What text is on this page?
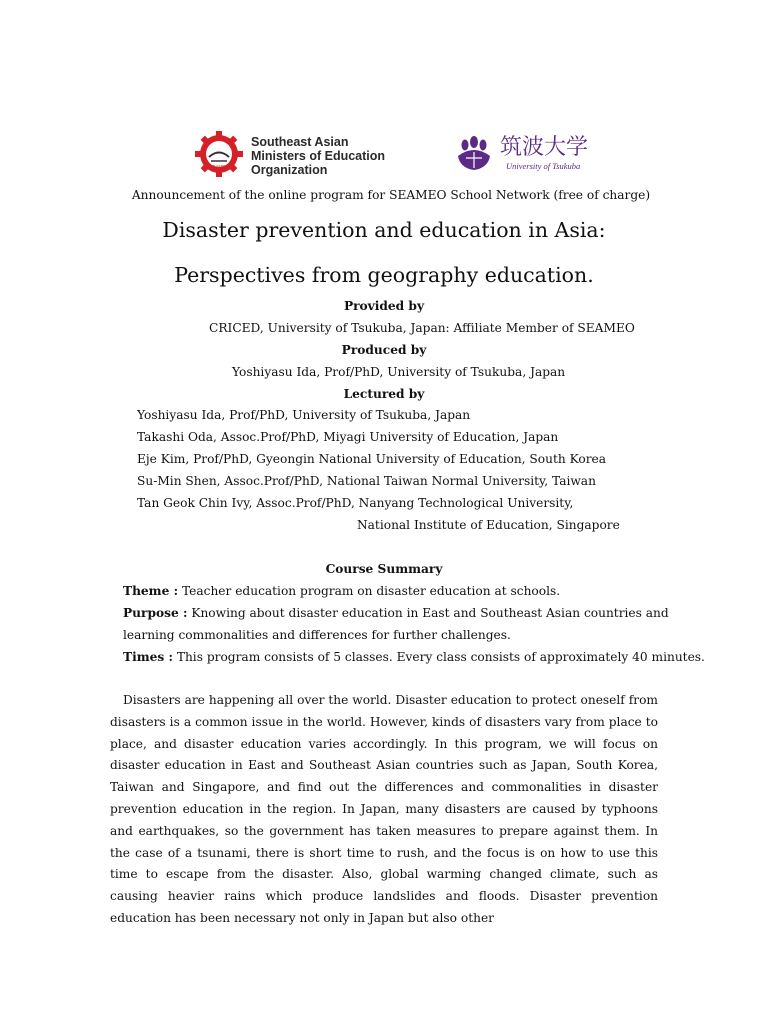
SEAMEO
Southeast Asian
Ministers of Education
Organization
筑波大学
University of Tsukuba
Announcement of the online program for SEAMEO School Network (free of charge)
Disaster prevention and education in Asia:
Perspectives from geography education.
Provided by
CRICED, University of Tsukuba, Japan: Affiliate Member of SEAMEO
Produced by
Yoshiyasu Ida, Prof/PhD, University of Tsukuba, Japan
Lectured by
Yoshiyasu Ida, Prof/PhD, University of Tsukuba, Japan
Takashi Oda, Assoc.Prof/PhD, Miyagi University of Education, Japan
Eje Kim, Prof/PhD, Gyeongin National University of Education, South Korea
Su-Min Shen, Assoc.Prof/PhD, National Taiwan Normal University, Taiwan
Tan Geok Chin Ivy, Assoc.Prof/PhD, Nanyang Technological University,
National Institute of Education, Singapore
Course Summary
Theme : Teacher education program on disaster education at schools.
Purpose : Knowing about disaster education in East and Southeast Asian countries and
learning commonalities and differences for further challenges.
Times : This program consists of 5 classes. Every class consists of approximately 40 minutes.
Disasters are happening all over the world. Disaster education to protect oneself from disasters is a common issue in the world. However, kinds of disasters vary from place to place, and disaster education varies accordingly. In this program, we will focus on disaster education in East and Southeast Asian countries such as Japan, South Korea, Taiwan and Singapore, and find out the differences and commonalities in disaster prevention education in the region. In Japan, many disasters are caused by typhoons and earthquakes, so the government has taken measures to prepare against them. In the case of a tsunami, there is short time to rush, and the focus is on how to use this time to escape from the disaster. Also, global warming changed climate, such as causing heavier rains which produce landslides and floods. Disaster prevention education has been necessary not only in Japan but also other
